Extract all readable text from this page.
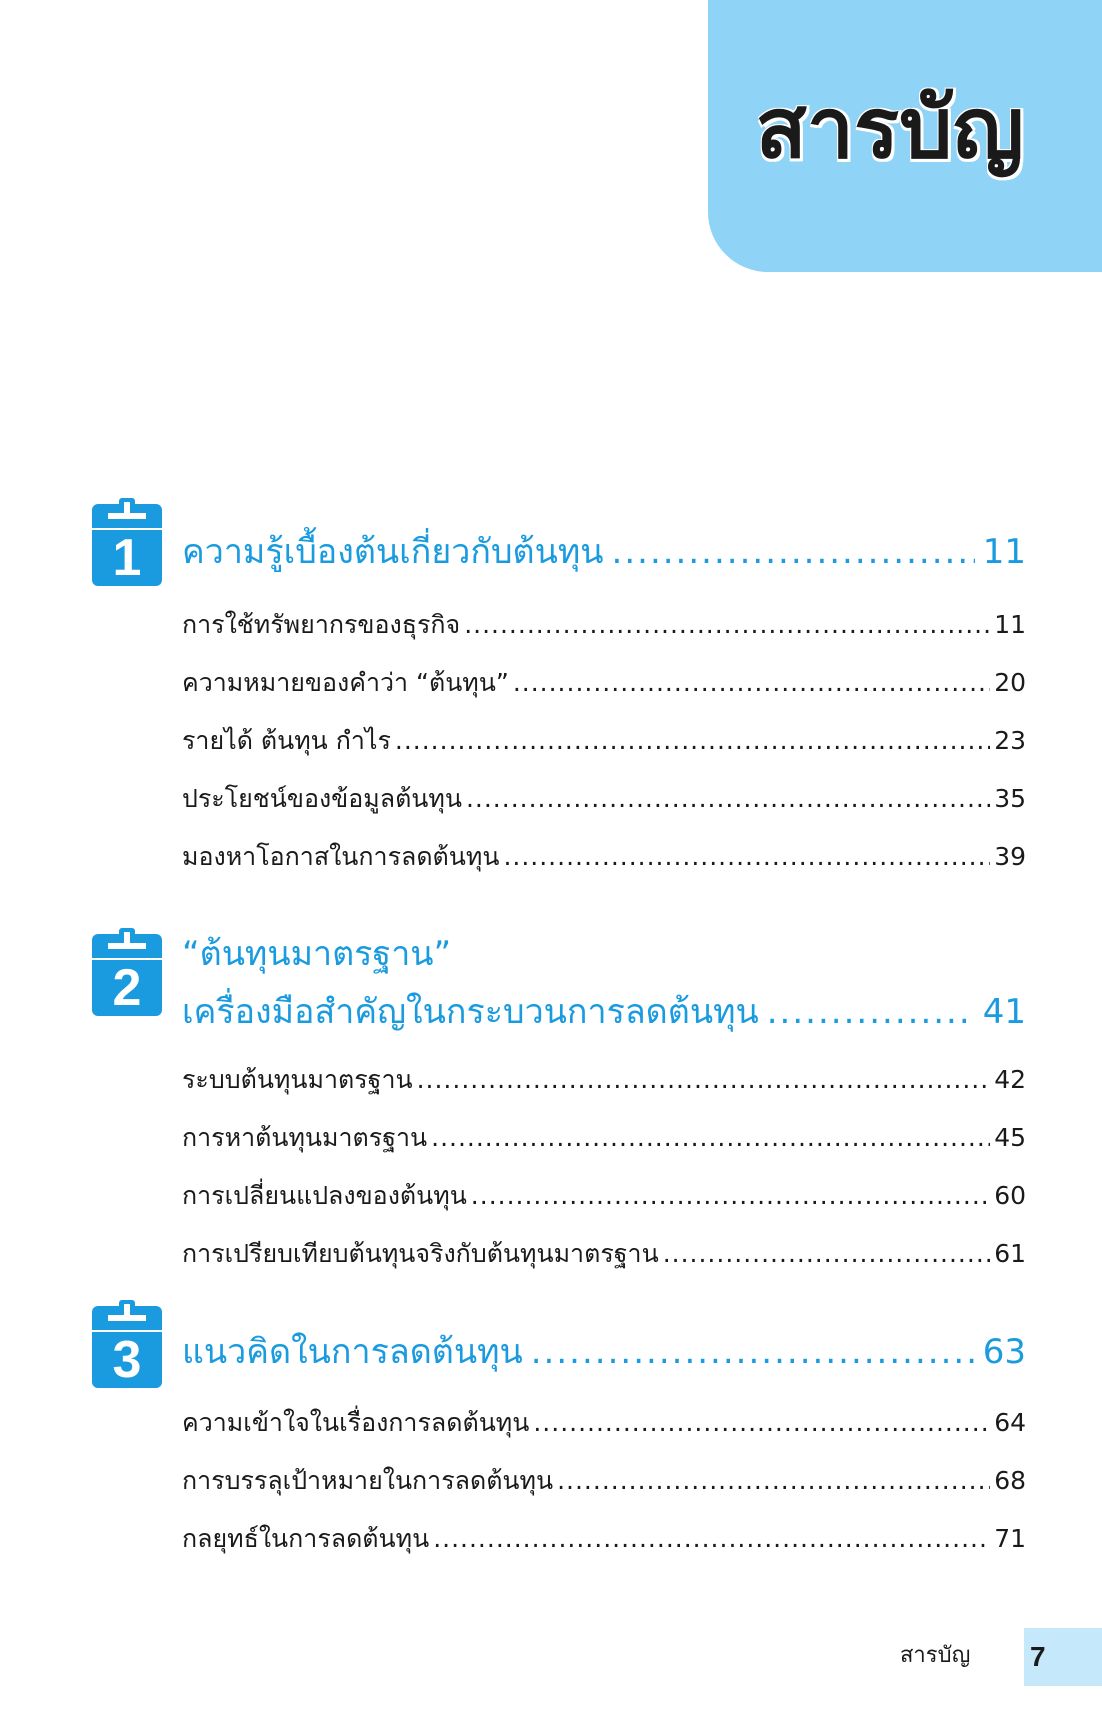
สารบัญ
1	ความรู้เบื้องต้นเกี่ยวกับต้นทุน .....	11
การใช้ทรัพยากรของธุรกิจ .....	11
ความหมายของคำว่า “ต้นทุน” .....	20
รายได้ ต้นทุน กำไร .....	23
ประโยชน์ของข้อมูลต้นทุน .....	35
มองหาโอกาสในการลดต้นทุน .....	39
2
“ต้นทุนมาตรฐาน”
เครื่องมือสำคัญในกระบวนการลดต้นทุน .....	41
ระบบต้นทุนมาตรฐาน .....	42
การหาต้นทุนมาตรฐาน .....	45
การเปลี่ยนแปลงของต้นทุน .....	60
การเปรียบเทียบต้นทุนจริงกับต้นทุนมาตรฐาน .....	61
3	แนวคิดในการลดต้นทุน .....	63
ความเข้าใจในเรื่องการลดต้นทุน .....	64
การบรรลุเป้าหมายในการลดต้นทุน .....	68
กลยุทธ์ในการลดต้นทุน .....	71
สารบัญ 7
